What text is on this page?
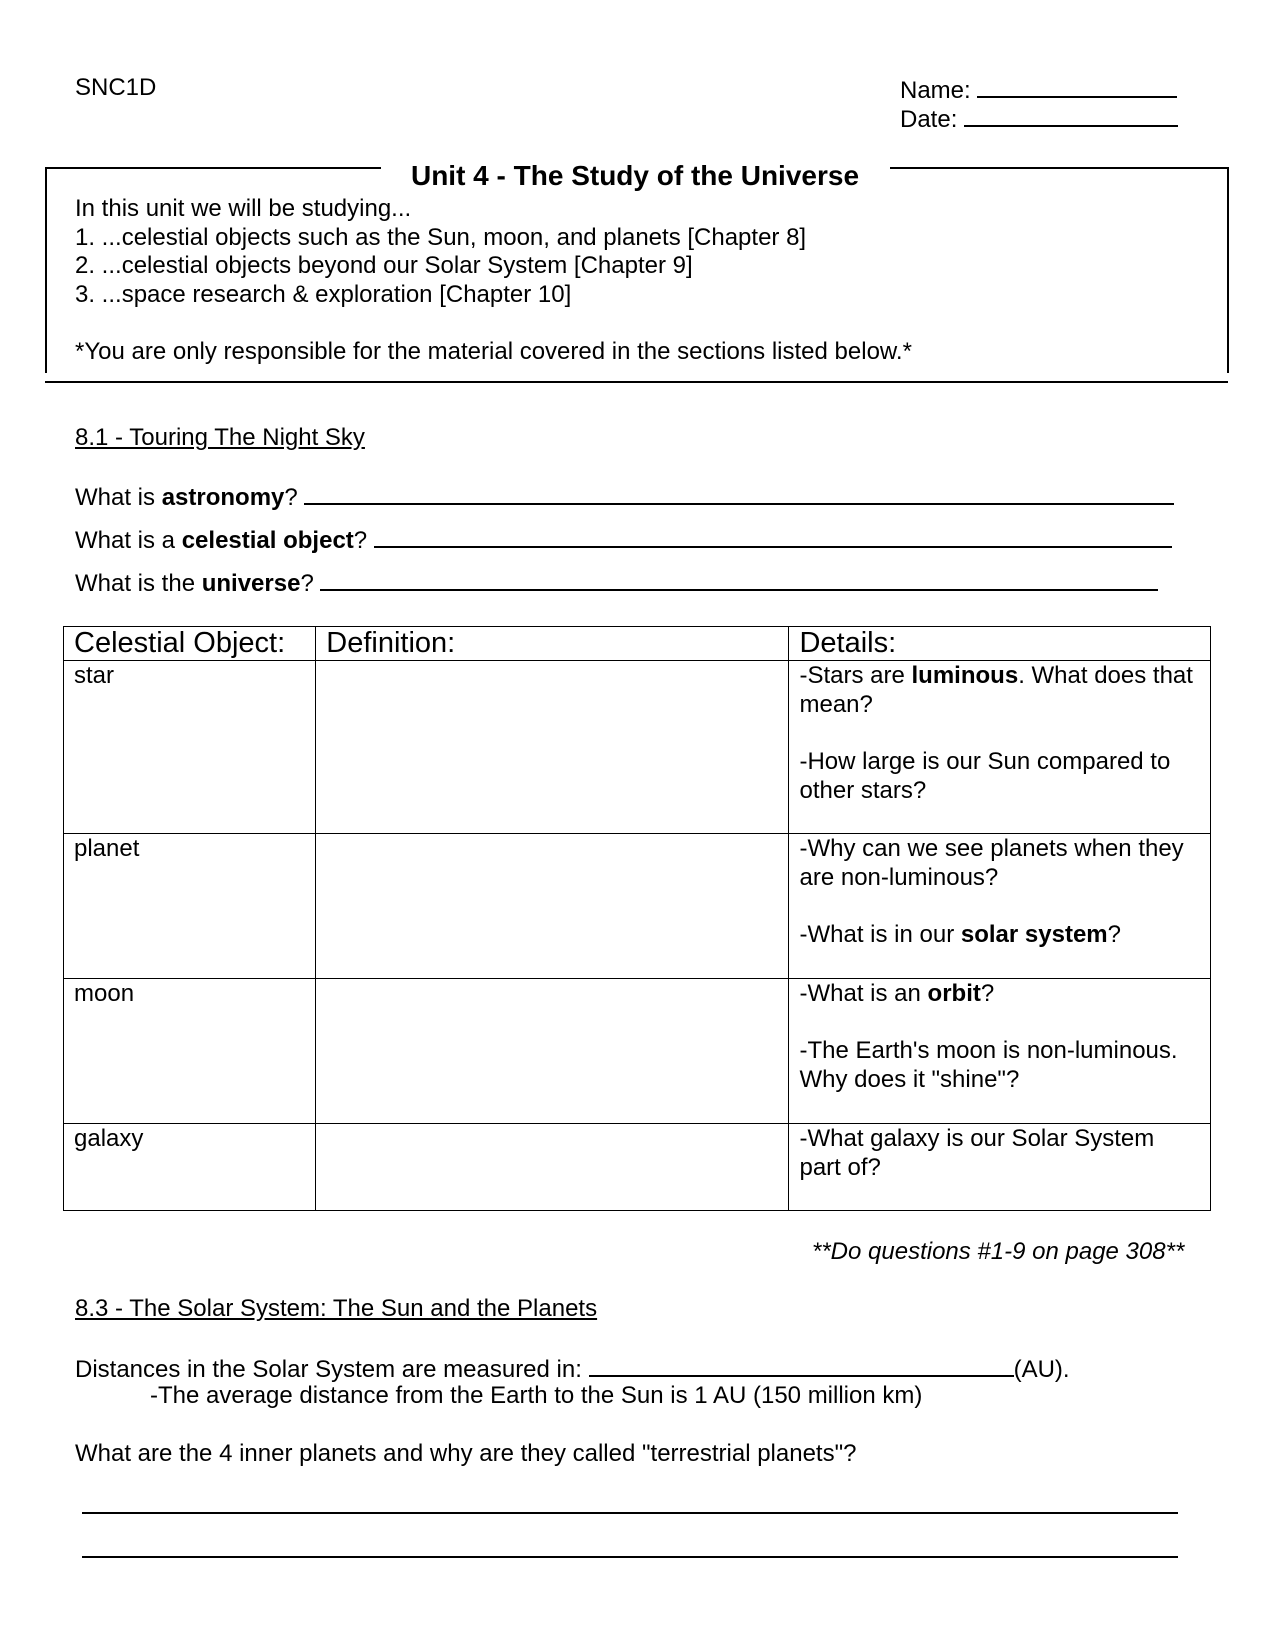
SNC1D	Name:
Date:
Unit 4 - The Study of the Universe
In this unit we will be studying...
1. ...celestial objects such as the Sun, moon, and planets [Chapter 8]
2. ...celestial objects beyond our Solar System [Chapter 9]
3. ...space research & exploration [Chapter 10]
*You are only responsible for the material covered in the sections listed below.*
8.1 - Touring The Night Sky
What is astronomy?
What is a celestial object?
What is the universe?
Celestial Object:	Definition:	Details:
star		-Stars are luminous. What does that mean?
-How large is our Sun compared to other stars?

planet		-Why can we see planets when they are non-luminous?
-What is in our solar system?

moon		-What is an orbit?
-The Earth's moon is non-luminous. Why does it "shine"?

galaxy		-What galaxy is our Solar System part of?
**Do questions #1-9 on page 308**
8.3 - The Solar System: The Sun and the Planets
Distances in the Solar System are measured in:	(AU).
-The average distance from the Earth to the Sun is 1 AU (150 million km)
What are the 4 inner planets and why are they called "terrestrial planets"?
